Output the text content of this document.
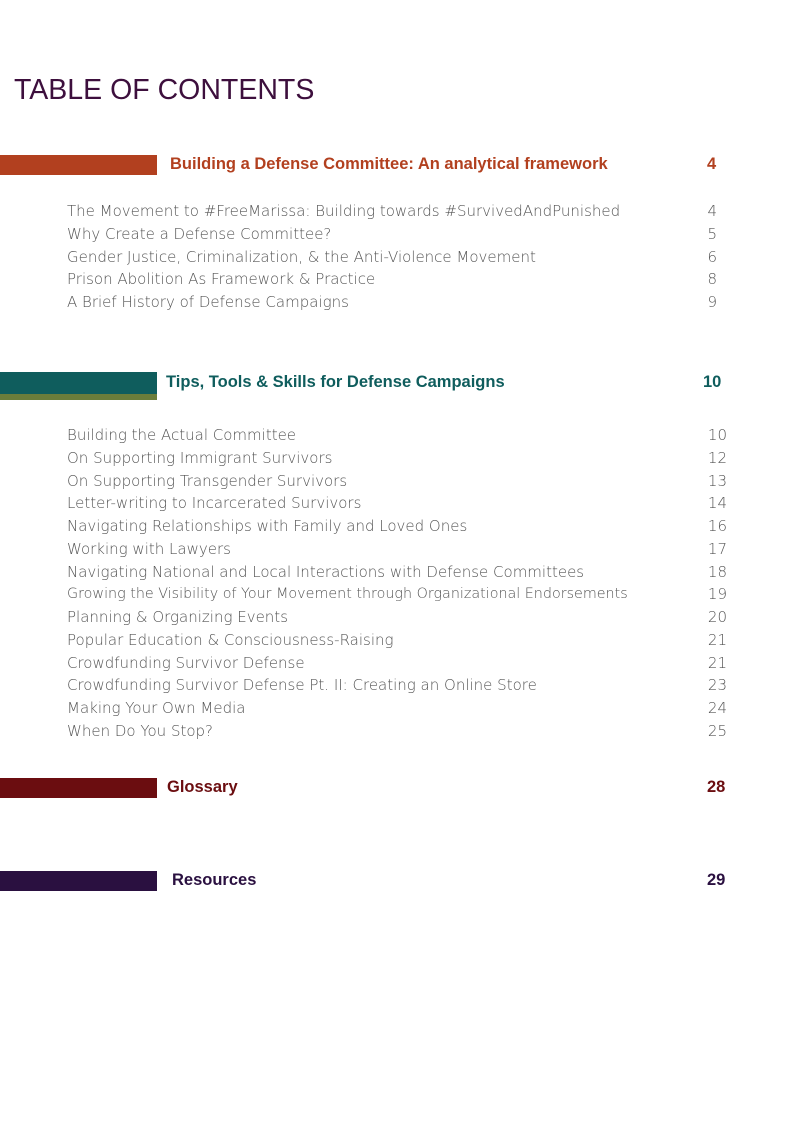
TABLE OF CONTENTS
Building a Defense Committee: An analytical framework	4
The Movement to #FreeMarissa: Building towards #SurvivedAndPunished	4
Why Create a Defense Committee?	5
Gender Justice, Criminalization, & the Anti-Violence Movement	6
Prison Abolition As Framework & Practice	8
A Brief History of Defense Campaigns	9
Tips, Tools & Skills for Defense Campaigns	10
Building the Actual Committee	10
On Supporting Immigrant Survivors	12
On Supporting Transgender Survivors	13
Letter-writing to Incarcerated Survivors	14
Navigating Relationships with Family and Loved Ones	16
Working with Lawyers	17
Navigating National and Local Interactions with Defense Committees	18
Growing the Visibility of Your Movement through Organizational Endorsements	19
Planning & Organizing Events	20
Popular Education & Consciousness-Raising	21
Crowdfunding Survivor Defense	21
Crowdfunding Survivor Defense Pt. II: Creating an Online Store	23
Making Your Own Media	24
When Do You Stop?	25
Glossary	28
Resources	29
